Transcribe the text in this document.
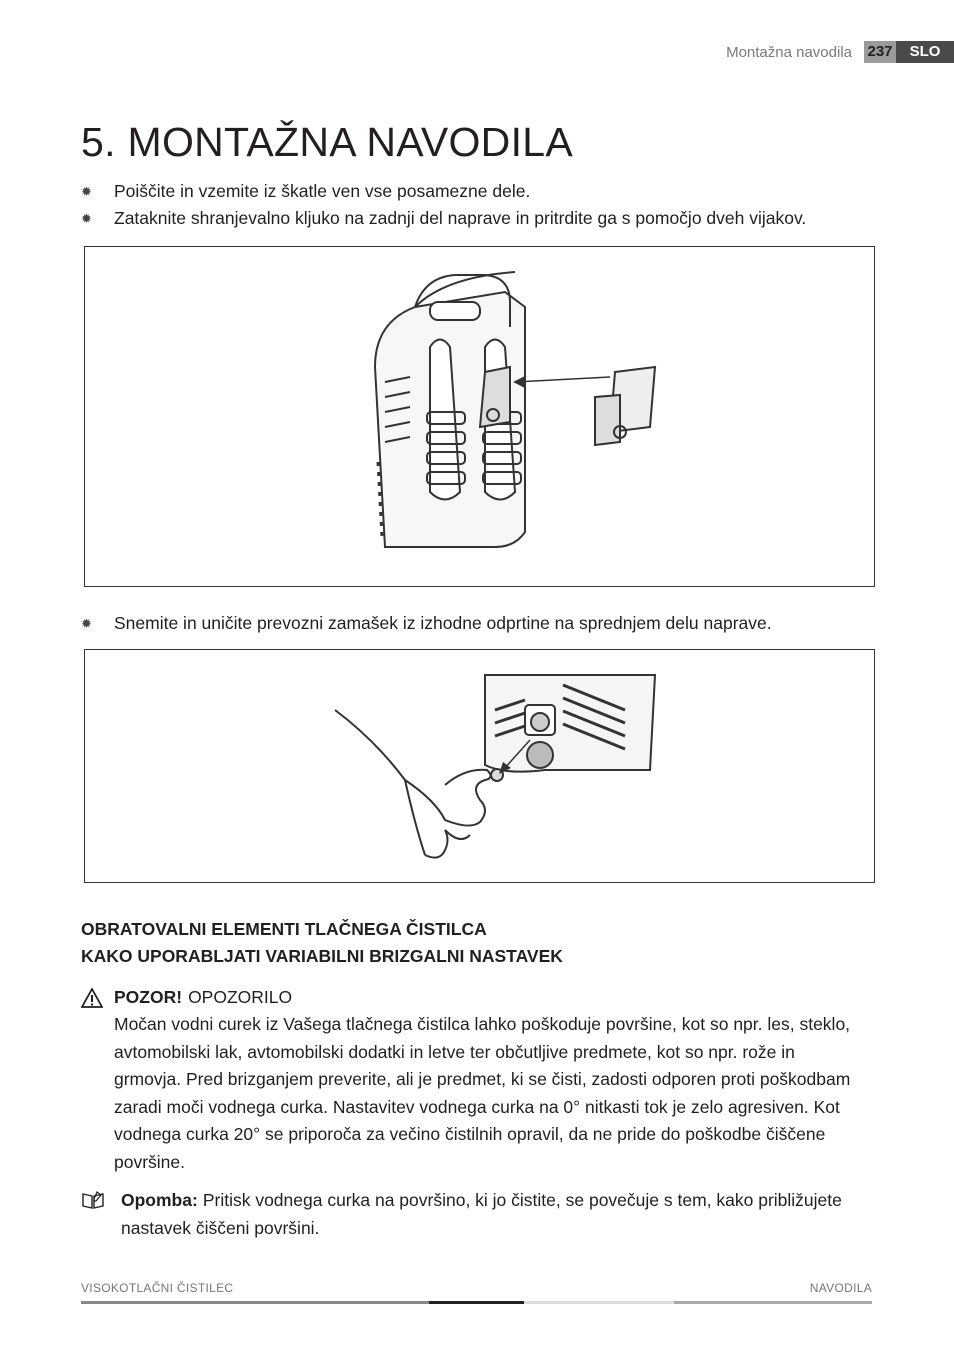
Montažna navodila 237	SLO
5. MONTAŽNA NAVODILA
✹	Poiščite in vzemite iz škatle ven vse posamezne dele.
✹	Zataknite shranjevalno kljuko na zadnji del naprave in pritrdite ga s pomočjo dveh vijakov.
✹	Snemite in uničite prevozni zamašek iz izhodne odprtine na sprednjem delu naprave.
OBRATOVALNI ELEMENTI TLAČNEGA ČISTILCA
KAKO UPORABLJATI VARIABILNI BRIZGALNI NASTAVEK
POZOR! OPOZORILO
Močan vodni curek iz Vašega tlačnega čistilca lahko poškoduje površine, kot so npr. les, steklo, avtomobilski lak, avtomobilski dodatki in letve ter občutljive predmete, kot so npr. rože in grmovja. Pred brizganjem preverite, ali je predmet, ki se čisti, zadosti odporen proti poškodbam zaradi moči vodnega curka. Nastavitev vodnega curka na 0° nitkasti tok je zelo agresiven. Kot vodnega curka 20° se priporoča za večino čistilnih opravil, da ne pride do poškodbe čiščene površine.
Opomba: Pritisk vodnega curka na površino, ki jo čistite, se povečuje s tem, kako približujete nastavek čiščeni površini.
VISOKOTLAČNI ČISTILEC	NAVODILA
